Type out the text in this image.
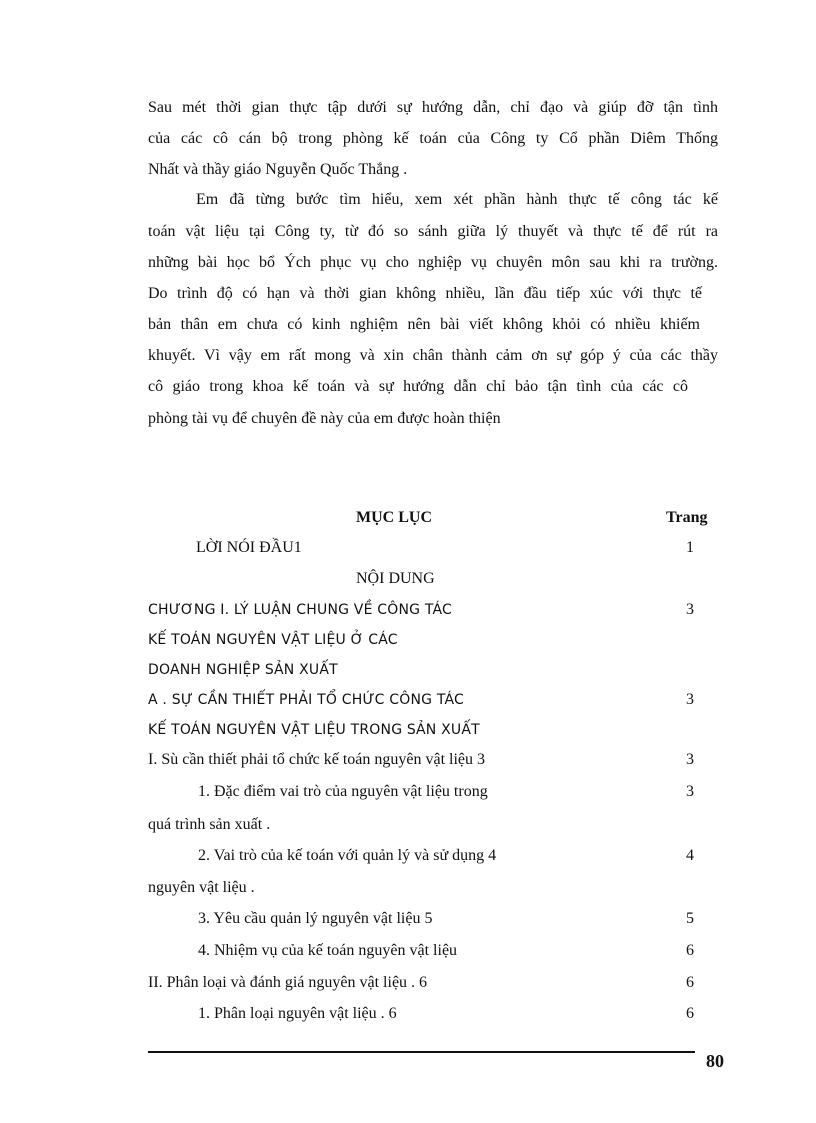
Sau mét thời gian thực tập dưới sự hướng dẫn, chỉ đạo và giúp đỡ tận tình
của các cô cán bộ trong phòng kế toán của Công ty Cổ phần Diêm Thống
Nhất và thầy giáo Nguyễn Quốc Thắng .
Em đã từng bước tìm hiểu, xem xét phần hành thực tế công tác kế
toán vật liệu tại Công ty, từ đó so sánh giữa lý thuyết và thực tế để rút ra
những bài học bổ Ých phục vụ cho nghiệp vụ chuyên môn sau khi ra trường.
Do trình độ có hạn và thời gian không nhiều, lần đầu tiếp xúc với thực tế
bản thân em chưa có kinh nghiệm nên bài viết không khỏi có nhiều khiếm
khuyết. Vì vậy em rất mong và xin chân thành cảm ơn sự góp ý của các thầy
cô giáo trong khoa kế toán và sự hướng dẫn chỉ bảo tận tình của các cô
phòng tài vụ để chuyên đề này của em được hoàn thiện
MỤC LỤC	Trang
LỜI NÓI ĐẦU1	1
NỘI DUNG
CHƯƠNG I. LÝ LUẬN CHUNG VỀ CÔNG TÁC	3
KẾ TOÁN NGUYÊN VẬT LIỆU Ở CÁC
DOANH NGHIỆP SẢN XUẤT
A . SỰ CẦN THIẾT PHẢI TỔ CHỨC CÔNG TÁC	3
KẾ TOÁN NGUYÊN VẬT LIỆU TRONG SẢN XUẤT
I. Sù cần thiết phải tổ chức kế toán nguyên vật liệu 3	3
1. Đặc điểm vai trò của nguyên vật liệu trong	3
quá trình sản xuất .
2. Vai trò của kế toán với quản lý và sử dụng 4	4
nguyên vật liệu .
3. Yêu cầu quản lý nguyên vật liệu 5	5
4. Nhiệm vụ của kế toán nguyên vật liệu	6
II. Phân loại và đánh giá nguyên vật liệu . 6	6
1. Phân loại nguyên vật liệu . 6	6
80
